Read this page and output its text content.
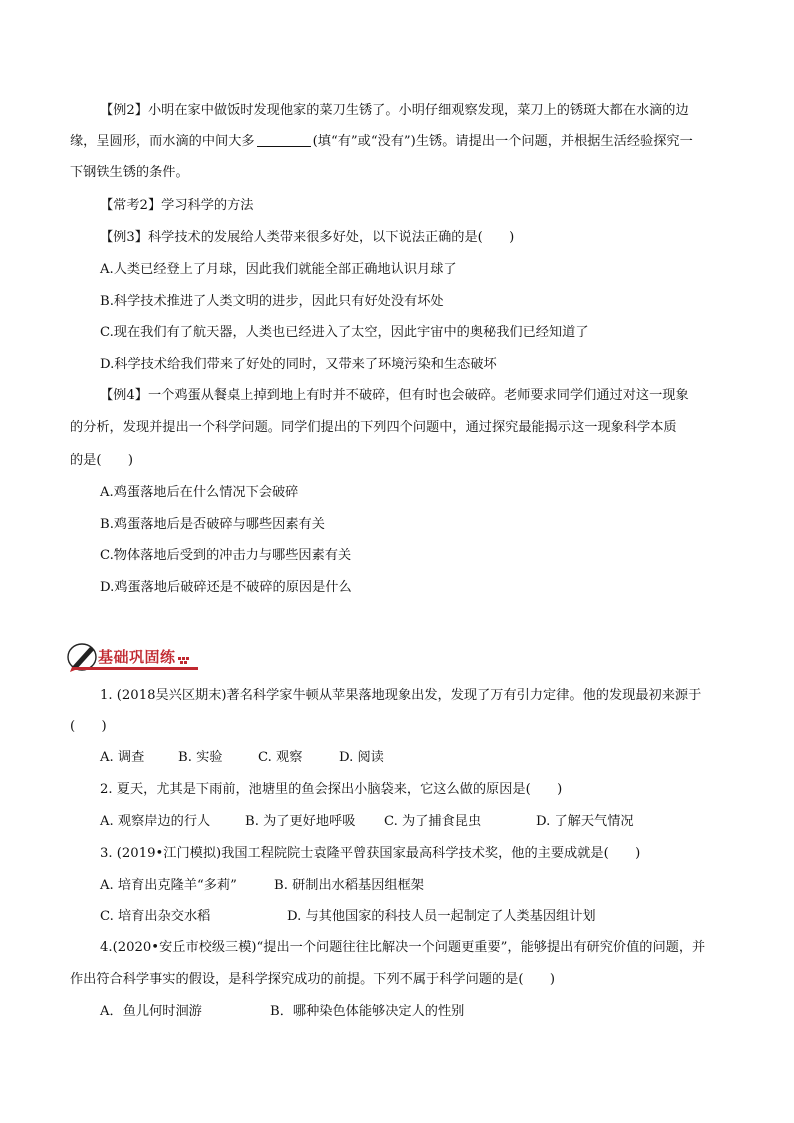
【例2】小明在家中做饭时发现他家的菜刀生锈了。小明仔细观察发现，菜刀上的锈斑大都在水滴的边
缘，呈圆形，而水滴的中间大多	(填“有”或“没有”)生锈。请提出一个问题，并根据生活经验探究一
下钢铁生锈的条件。
【常考2】学习科学的方法
【例3】科学技术的发展给人类带来很多好处，以下说法正确的是(　　)
A.人类已经登上了月球，因此我们就能全部正确地认识月球了
B.科学技术推进了人类文明的进步，因此只有好处没有坏处
C.现在我们有了航天器，人类也已经进入了太空，因此宇宙中的奥秘我们已经知道了
D.科学技术给我们带来了好处的同时，又带来了环境污染和生态破坏
【例4】一个鸡蛋从餐桌上掉到地上有时并不破碎，但有时也会破碎。老师要求同学们通过对这一现象
的分析，发现并提出一个科学问题。同学们提出的下列四个问题中，通过探究最能揭示这一现象科学本质
的是(　　)
A.鸡蛋落地后在什么情况下会破碎
B.鸡蛋落地后是否破碎与哪些因素有关
C.物体落地后受到的冲击力与哪些因素有关
D.鸡蛋落地后破碎还是不破碎的原因是什么
基础巩固练
1. (2018吴兴区期末)著名科学家牛顿从苹果落地现象出发，发现了万有引力定律。他的发现最初来源于
(　　)
A. 调查	B. 实验	C. 观察	D. 阅读
2. 夏天，尤其是下雨前，池塘里的鱼会探出小脑袋来，它这么做的原因是(　　)
A. 观察岸边的行人	B. 为了更好地呼吸 C. 为了捕食昆虫	D. 了解天气情况
3. (2019•江门模拟)我国工程院院士袁隆平曾获国家最高科学技术奖，他的主要成就是(　　)
A. 培育出克隆羊“多莉”	B. 研制出水稻基因组框架
C. 培育出杂交水稻	D. 与其他国家的科技人员一起制定了人类基因组计划
4.(2020•安丘市校级三模)“提出一个问题往往比解决一个问题更重要”，能够提出有研究价值的问题，并
作出符合科学事实的假设，是科学探究成功的前提。下列不属于科学问题的是(　　)
A．鱼儿何时洄游	B．哪种染色体能够决定人的性别
